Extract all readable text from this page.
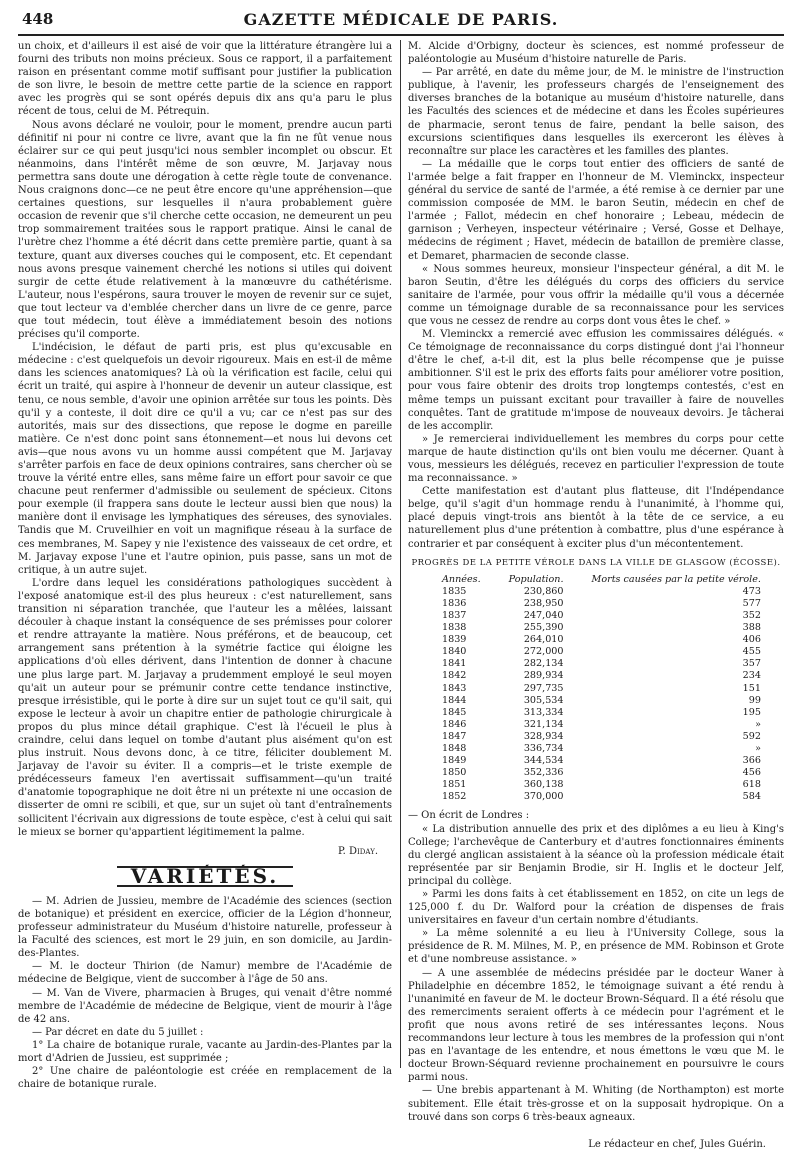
448	GAZETTE MÉDICALE DE PARIS.

un choix, et d'ailleurs il est aisé de voir que la littérature étrangère lui a fourni des tributs non moins précieux. Sous ce rapport, il a parfaitement raison en présentant comme motif suffisant pour justifier la publication de son livre, le besoin de mettre cette partie de la science en rapport avec les progrès qui se sont opérés depuis dix ans qu'a paru le plus récent de tous, celui de M. Pétrequin.

Nous avons déclaré ne vouloir, pour le moment, prendre aucun parti définitif ni pour ni contre ce livre, avant que la fin ne fût venue nous éclairer sur ce qui peut jusqu'ici nous sembler incomplet ou obscur. Et néanmoins, dans l'intérêt même de son œuvre, M. Jarjavay nous permettra sans doute une dérogation à cette règle toute de convenance. Nous craignons donc—ce ne peut être encore qu'une appréhension—que certaines questions, sur lesquelles il n'aura probablement guère occasion de revenir que s'il cherche cette occasion, ne demeurent un peu trop sommairement traitées sous le rapport pratique. Ainsi le canal de l'urètre chez l'homme a été décrit dans cette première partie, quant à sa texture, quant aux diverses couches qui le composent, etc. Et cependant nous avons presque vainement cherché les notions si utiles qui doivent surgir de cette étude relativement à la manœuvre du cathétérisme. L'auteur, nous l'espérons, saura trouver le moyen de revenir sur ce sujet, que tout lecteur va d'emblée chercher dans un livre de ce genre, parce que tout médecin, tout élève a immédiatement besoin des notions précises qu'il comporte.

L'indécision, le défaut de parti pris, est plus qu'excusable en médecine : c'est quelquefois un devoir rigoureux. Mais en est-il de même dans les sciences anatomiques? Là où la vérification est facile, celui qui écrit un traité, qui aspire à l'honneur de devenir un auteur classique, est tenu, ce nous semble, d'avoir une opinion arrêtée sur tous les points. Dès qu'il y a conteste, il doit dire ce qu'il a vu; car ce n'est pas sur des autorités, mais sur des dissections, que repose le dogme en pareille matière. Ce n'est donc point sans étonnement—et nous lui devons cet avis—que nous avons vu un homme aussi compétent que M. Jarjavay s'arrêter parfois en face de deux opinions contraires, sans chercher où se trouve la vérité entre elles, sans même faire un effort pour savoir ce que chacune peut renfermer d'admissible ou seulement de spécieux. Citons pour exemple (il frappera sans doute le lecteur aussi bien que nous) la manière dont il envisage les lymphatiques des séreuses, des synoviales. Tandis que M. Cruveilhier en voit un magnifique réseau à la surface de ces membranes, M. Sapey y nie l'existence des vaisseaux de cet ordre, et M. Jarjavay expose l'une et l'autre opinion, puis passe, sans un mot de critique, à un autre sujet.

L'ordre dans lequel les considérations pathologiques succèdent à l'exposé anatomique est-il des plus heureux : c'est naturellement, sans transition ni séparation tranchée, que l'auteur les a mêlées, laissant découler à chaque instant la conséquence de ses prémisses pour colorer et rendre attrayante la matière. Nous préférons, et de beaucoup, cet arrangement sans prétention à la symétrie factice qui éloigne les applications d'où elles dérivent, dans l'intention de donner à chacune une plus large part. M. Jarjavay a prudemment employé le seul moyen qu'ait un auteur pour se prémunir contre cette tendance instinctive, presque irrésistible, qui le porte à dire sur un sujet tout ce qu'il sait, qui expose le lecteur à avoir un chapitre entier de pathologie chirurgicale à propos du plus mince détail graphique. C'est là l'écueil le plus à craindre, celui dans lequel on tombe d'autant plus aisément qu'on est plus instruit. Nous devons donc, à ce titre, féliciter doublement M. Jarjavay de l'avoir su éviter. Il a compris—et le triste exemple de prédécesseurs fameux l'en avertissait suffisamment—qu'un traité d'anatomie topographique ne doit être ni un prétexte ni une occasion de disserter de omni re scibili, et que, sur un sujet où tant d'entraînements sollicitent l'écrivain aux digressions de toute espèce, c'est à celui qui sait le mieux se borner qu'appartient légitimement la palme.

P. Diday.
VARIÉTÉS.

— M. Adrien de Jussieu, membre de l'Académie des sciences (section de botanique) et président en exercice, officier de la Légion d'honneur, professeur administrateur du Muséum d'histoire naturelle, professeur à la Faculté des sciences, est mort le 29 juin, en son domicile, au Jardin-des-Plantes.

— M. le docteur Thirion (de Namur) membre de l'Académie de médecine de Belgique, vient de succomber à l'âge de 50 ans.

— M. Van de Vivere, pharmacien à Bruges, qui venait d'être nommé membre de l'Académie de médecine de Belgique, vient de mourir à l'âge de 42 ans.

— Par décret en date du 5 juillet :

1° La chaire de botanique rurale, vacante au Jardin-des-Plantes par la mort d'Adrien de Jussieu, est supprimée ;

2° Une chaire de paléontologie est créée en remplacement de la chaire de botanique rurale.

M. Alcide d'Orbigny, docteur ès sciences, est nommé professeur de paléontologie au Muséum d'histoire naturelle de Paris.

— Par arrêté, en date du même jour, de M. le ministre de l'instruction publique, à l'avenir, les professeurs chargés de l'enseignement des diverses branches de la botanique au muséum d'histoire naturelle, dans les Facultés des sciences et de médecine et dans les Écoles supérieures de pharmacie, seront tenus de faire, pendant la belle saison, des excursions scientifiques dans lesquelles ils exerceront les élèves à reconnaître sur place les caractères et les familles des plantes.

— La médaille que le corps tout entier des officiers de santé de l'armée belge a fait frapper en l'honneur de M. Vleminckx, inspecteur général du service de santé de l'armée, a été remise à ce dernier par une commission composée de MM. le baron Seutin, médecin en chef de l'armée ; Fallot, médecin en chef honoraire ; Lebeau, médecin de garnison ; Verheyen, inspecteur vétérinaire ; Versé, Gosse et Delhaye, médecins de régiment ; Havet, médecin de bataillon de première classe, et Demaret, pharmacien de seconde classe.

« Nous sommes heureux, monsieur l'inspecteur général, a dit M. le baron Seutin, d'être les délégués du corps des officiers du service sanitaire de l'armée, pour vous offrir la médaille qu'il vous a décernée comme un témoignage durable de sa reconnaissance pour les services que vous ne cessez de rendre au corps dont vous êtes le chef. »

M. Vleminckx a remercié avec effusion les commissaires délégués. « Ce témoignage de reconnaissance du corps distingué dont j'ai l'honneur d'être le chef, a-t-il dit, est la plus belle récompense que je puisse ambitionner. S'il est le prix des efforts faits pour améliorer votre position, pour vous faire obtenir des droits trop longtemps contestés, c'est en même temps un puissant excitant pour travailler à faire de nouvelles conquêtes. Tant de gratitude m'impose de nouveaux devoirs. Je tâcherai de les accomplir.

» Je remercierai individuellement les membres du corps pour cette marque de haute distinction qu'ils ont bien voulu me décerner. Quant à vous, messieurs les délégués, recevez en particulier l'expression de toute ma reconnaissance. »

Cette manifestation est d'autant plus flatteuse, dit l'Indépendance belge, qu'il s'agit d'un hommage rendu à l'unanimité, à l'homme qui, placé depuis vingt-trois ans bientôt à la tête de ce service, a eu naturellement plus d'une prétention à combattre, plus d'une espérance à contrarier et par conséquent à exciter plus d'un mécontentement.

PROGRÈS DE LA PETITE VÉROLE DANS LA VILLE DE GLASGOW (ÉCOSSE).
Années.	Population.	Morts causées par la petite vérole.
1835	230,860	473
1836	238,950	577
1837	247,040	352
1838	255,390	388
1839	264,010	406
1840	272,000	455
1841	282,134	357
1842	289,934	234
1843	297,735	151
1844	305,534	99
1845	313,334	195
1846	321,134	»
1847	328,934	592
1848	336,734	»
1849	344,534	366
1850	352,336	456
1851	360,138	618
1852	370,000	584

— On écrit de Londres :

« La distribution annuelle des prix et des diplômes a eu lieu à King's College; l'archevêque de Canterbury et d'autres fonctionnaires éminents du clergé anglican assistaient à la séance où la profession médicale était représentée par sir Benjamin Brodie, sir H. Inglis et le docteur Jelf, principal du collège.

» Parmi les dons faits à cet établissement en 1852, on cite un legs de 125,000 f. du Dr. Walford pour la création de dispenses de frais universitaires en faveur d'un certain nombre d'étudiants.

» La même solennité a eu lieu à l'University College, sous la présidence de R. M. Milnes, M. P., en présence de MM. Robinson et Grote et d'une nombreuse assistance. »

— A une assemblée de médecins présidée par le docteur Waner à Philadelphie en décembre 1852, le témoignage suivant a été rendu à l'unanimité en faveur de M. le docteur Brown-Séquard. Il a été résolu que des remerciments seraient offerts à ce médecin pour l'agrément et le profit que nous avons retiré de ses intéressantes leçons. Nous recommandons leur lecture à tous les membres de la profession qui n'ont pas en l'avantage de les entendre, et nous émettons le vœu que M. le docteur Brown-Séquard revienne prochainement en poursuivre le cours parmi nous.

— Une brebis appartenant à M. Whiting (de Northampton) est morte subitement. Elle était très-grosse et on la supposait hydropique. On a trouvé dans son corps 6 très-beaux agneaux.

Le rédacteur en chef, Jules Guérin.
